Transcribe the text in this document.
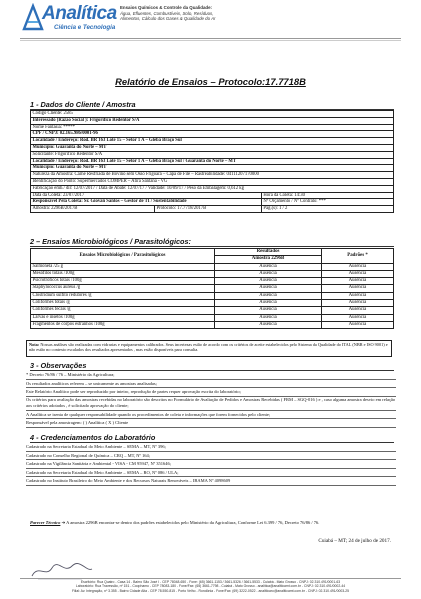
Analítica
Ciência e Tecnologia
Ensaios Químicos & Controle da Qualidade:
Água, Efluentes, Combustíveis, Solo, Resíduos,
Alimentos, Cálculo dos Gases & Qualidade do Ar
Relatório de Ensaios – Protocolo:17.7718B
1 - Dados do Cliente / Amostra
Código Cliente: 2585		
Interessado (Razão Social ): Frigorífico Redentor S/A		
Nome Fantasia: *****		
CPF / CNPJ: 02.165.986/0001-96		
Localidade / Endereço: Rod. BR 163 Lote 15 – Setor 1 A – Gleba Braço Sul		
Município: Guarantã do Norte – MT		
Solicitante: Frigorífico Redentor S/A		
Localidade / Endereço: Rod. BR 163 Lote 15 – Setor 1 A – Gleba Braço Sul / Guarantã do Norte – MT		
Município: Guarantã do Norte – MT		
Natureza da Amostra: Carne Resfriada de Bovino sem Osso Frigoara – Capa de Filé – Rastreabilidade: 04111207170000		
Identificação do Ponto: Supermercados COMPER – Atira Santana - VG		
Fabricação emb./ dir: 12/07/2017 / Data de Abate: 12/07/17 / Validade: 10/09/17 / Peso da Embalagem: 0,612 kg		
Data da Coleta: 23/07/2017		Hora da Coleta: 14:30
Responsável Pela Coleta: Sr. Giovan Santos – Gestor de TI / Sustentabilidade		Nº Orçamento / Nº Contrato: ***
Amostra: 2296B/2017B	Protocolo: 17.7718/2017B	Pág.(s): 1 / 2
2 – Ensaios Microbiológicos / Parasitológicos:
Ensaios Microbiológicos / Parasitológicos	Resultados	Padrões *
	Amostra 2296B	
Salmonela /25 g	Ausência	Ausência
Mesófilos totais /100g	Ausência	Ausência
Psicrotróficos totais /100g	Ausência	Ausência
Staphylococcus aureus /g	Ausência	Ausência
Clostridium sulfito redutores /g	Ausência	Ausência
Coliformes totais /g	Ausência	Ausência
Coliformes fecais /g	Ausência	Ausência
Larvas e insetos /100g	Ausência	Ausência
Fragmentos de corpos estranhos /100g	Ausência	Ausência
Nota: Nossas análises são realizadas com vidrarias e equipamentos calibrados. Seus incertezas estão de acordo com os critérios de aceite estabelecidos pelo Sistema da Qualidade do ITAL (NBR e ISO 9001) e não estão no contexto escalados dos resultados apresentados , mas estão disponíveis para consulta.
3 - Observações
* Decreto 76/86 / 76 – Ministério da Agricultura;
Os resultados analíticos referem – se unicamente as amostras analisadas;
Este Relatório Analítico pode ser reproduzido por inteiro, reprodução de partes requer aprovação escrita do laboratório;
Os critérios para avaliação das amostras recebidas no laboratório são descritos no Formulário de Avaliação de Pedidos e Amostras Recebidas ( FRM – SGQ-016 ) e , caso alguma amostra desvio em relação aos critérios adotados , é solicitado aprovação do cliente;
A Analítica se isenta de qualquer responsabilidade quando os procedimentos de coleta e informações que forem fornecidos pelo cliente;
Responsável pela amostragem: ( ) Analítica ( X ) Cliente
4 - Credenciamentos do Laboratório
Cadastrado na Secretaria Estadual do Meio Ambiente – SEMA – MT, Nº 396;
Cadastrado no Conselho Regional de Química – CRQ – MT, Nº 164;
Cadastrado na Vigilância Sanitária e Ambiental - VISA - CM 95947, Nº 351646;
Cadastrado na Secretaria Estadual do Meio Ambiente – SEMA – RO, Nº 086 / ULA;
Cadastrado no Instituto Brasileiro do Meio Ambiente e dos Recursos Naturais Renováveis – IBAMA Nº 4098609
Parecer Técnico ➜ A amostra 2296B encontra-se dentro dos padrões estabelecidos pelo Ministério da Agricultura, Conforme Lei 6.399 / 76, Decreto 76/86 / 76.
Cuiabá – MT; 24 de julho de 2017.
Escritório: Rua Quatro - Casa 14 - Bairro São José I - CEP 78048-650 - Fone: (65) 3661-1153 / 3661-5326 / 3661-5533 - Cuiabá - Mato Grosso - CNPJ: 02.310.491/0001-63
Laboratório: Rua Travessão, nº 151 - Coophamo - CEP 78083-180 - Fone/Fax: (65) 3661-7798 - Cuiabá - Mato Grosso - analitica@analiticamt.com.br - CNPJ: 02.310.491/0002-44
Filial: Av. Integração, nº 3.355 - Bairro Cidade Alta - CEP 78.550-815 - Porto Velho - Rondônia - Fone/Fax: (69) 3222-0522 - analiticaro@analiticamt.com.br - CNPJ: 02.310.491/0003-25
